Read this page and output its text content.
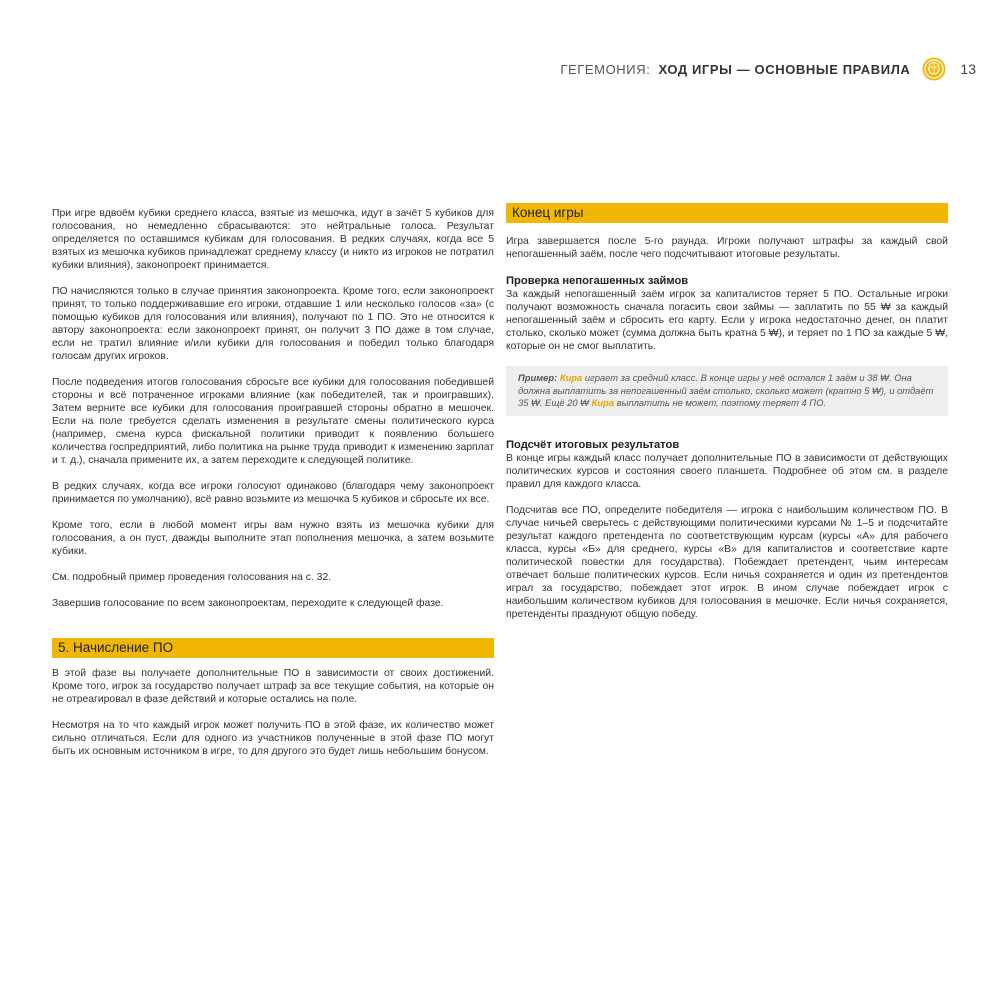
ГЕГЕМОНИЯ: ХОД ИГРЫ — ОСНОВНЫЕ ПРАВИЛА	13

При игре вдвоём кубики среднего класса, взятые из мешочка, идут в зачёт 5 кубиков для голосования, но немедленно сбрасываются: это нейтральные голоса. Результат определяется по оставшимся кубикам для голосования. В редких случаях, когда все 5 взятых из мешочка кубиков принадлежат среднему классу (и никто из игроков не потратил кубики влияния), законопроект принимается.

ПО начисляются только в случае принятия законопроекта. Кроме того, если законопроект принят, то только поддерживавшие его игроки, отдавшие 1 или несколько голосов «за» (с помощью кубиков для голосования или влияния), получают по 1 ПО. Это не относится к автору законопроекта: если законопроект принят, он получит 3 ПО даже в том случае, если не тратил влияние и/или кубики для голосования и победил только благодаря голосам других игроков.

После подведения итогов голосования сбросьте все кубики для голосования победившей стороны и всё потраченное игроками влияние (как победителей, так и проигравших). Затем верните все кубики для голосования проигравшей стороны обратно в мешочек. Если на поле требуется сделать изменения в результате смены политического курса (например, смена курса фискальной политики приводит к появлению большего количества госпредприятий, либо политика на рынке труда приводит к изменению зарплат и т. д.), сначала примените их, а затем переходите к следующей политике.

В редких случаях, когда все игроки голосуют одинаково (благодаря чему законопроект принимается по умолчанию), всё равно возьмите из мешочка 5 кубиков и сбросьте их все.

Кроме того, если в любой момент игры вам нужно взять из мешочка кубики для голосования, а он пуст, дважды выполните этап пополнения мешочка, а затем возьмите кубики.

См. подробный пример проведения голосования на с. 32.

Завершив голосование по всем законопроектам, переходите к следующей фазе.

5. Начисление ПО

В этой фазе вы получаете дополнительные ПО в зависимости от своих достижений. Кроме того, игрок за государство получает штраф за все текущие события, на которые он не отреагировал в фазе действий и которые остались на поле.

Несмотря на то что каждый игрок может получить ПО в этой фазе, их количество может сильно отличаться. Если для одного из участников полученные в этой фазе ПО могут быть их основным источником в игре, то для другого это будет лишь небольшим бонусом.

Конец игры

Игра завершается после 5-го раунда. Игроки получают штрафы за каждый свой непогашенный заём, после чего подсчитывают итоговые результаты.

Проверка непогашенных займов

За каждый непогашенный заём игрок за капиталистов теряет 5 ПО. Остальные игроки получают возможность сначала погасить свои займы — заплатить по 55 ₩ за каждый непогашенный заём и сбросить его карту. Если у игрока недостаточно денег, он платит столько, сколько может (сумма должна быть кратна 5 ₩), и теряет по 1 ПО за каждые 5 ₩, которые он не смог выплатить.

Пример: Кира играет за средний класс. В конце игры у неё остался 1 заём и 38 ₩. Она должна выплатить за непогашенный заём столько, сколько может (кратно 5 ₩), и отдаёт 35 ₩. Ещё 20 ₩ Кира выплатить не может, поэтому теряет 4 ПО.

Подсчёт итоговых результатов

В конце игры каждый класс получает дополнительные ПО в зависимости от действующих политических курсов и состояния своего планшета. Подробнее об этом см. в разделе правил для каждого класса.

Подсчитав все ПО, определите победителя — игрока с наибольшим количеством ПО. В случае ничьей сверьтесь с действующими политическими курсами № 1–5 и подсчитайте результат каждого претендента по соответствующим курсам (курсы «А» для рабочего класса, курсы «Б» для среднего, курсы «В» для капиталистов и соответствие карте политической повестки для государства). Побеждает претендент, чьим интересам отвечает больше политических курсов. Если ничья сохраняется и один из претендентов играл за государство, побеждает этот игрок. В ином случае побеждает игрок с наибольшим количеством кубиков для голосования в мешочке. Если ничья сохраняется, претенденты празднуют общую победу.
